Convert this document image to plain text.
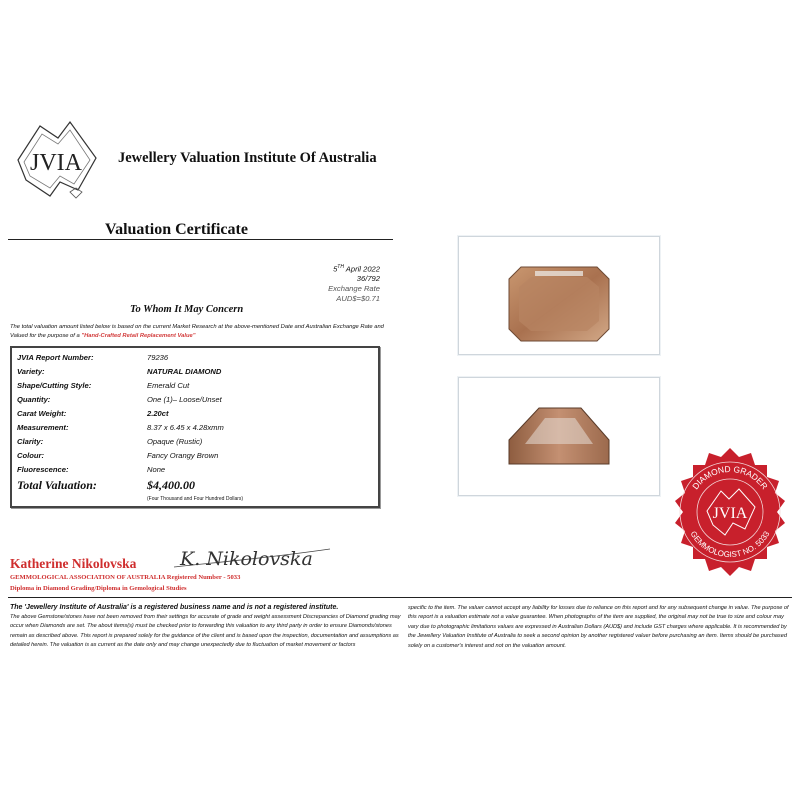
JVIA Jewellery Valuation Institute Of Australia
Valuation Certificate
5TH April 2022
36/792
Exchange Rate
AUD$=$0.71
To Whom It May Concern
The total valuation amount listed below is based on the current Market Research at the above-mentioned Date and Australian Exchange Rate and Valued for the purpose of a "Hand-Crafted Retail Replacement Value"
JVIA Report Number:	79236
Variety:	NATURAL DIAMOND
Shape/Cutting Style:	Emerald Cut
Quantity:	One (1)– Loose/Unset
Carat Weight:	2.20ct
Measurement:	8.37 x 6.45 x 4.28xmm
Clarity:	Opaque (Rustic)
Colour:	Fancy Orangy Brown
Fluorescence:	None
Total Valuation:	$4,400.00
(Four Thousand and Four Hundred Dollars)
Katherine Nikolovska K. Nikolovska
GEMMOLOGICAL ASSOCIATION OF AUSTRALIA Registered Number - 5033
Diploma in Diamond Grading/Diploma in Gemological Studies
DIAMOND GRADER
GEMMOLOGIST NO. 5033
JVIA
The 'Jewellery Institute of Australia' is a registered business name and is not a registered institute.
The above Gemstone/stones have not been removed from their settings for accurate of grade and weight assessment Discrepancies of Diamond grading may occur when Diamonds are set. The about items(s) must be checked prior to forwarding this valuation to any third party in order to ensure Diamonds/stones remain as described above. This report is prepared solely for the guidance of the client and is based upon the inspection, documentation and assumptions as detailed herein. The valuation is as current as the date only and may change unexpectedly due to fluctuation of market movement or factors
specific to the item. The valuer cannot accept any liability for losses due to reliance on this report and for any subsequent change in value. The purpose of this report is a valuation estimate not a value guarantee. When photographs of the item are supplied, the original may not be true to size and colour may vary due to photographic limitations values are expressed in Australian Dollars (AUD$) and include GST charges where applicable. It is recommended by the Jewellery Valuation Institute of Australia to seek a second opinion by another registered valuer before purchasing an item. Items should be purchased solely on a customer's interest and not on the valuation amount.
